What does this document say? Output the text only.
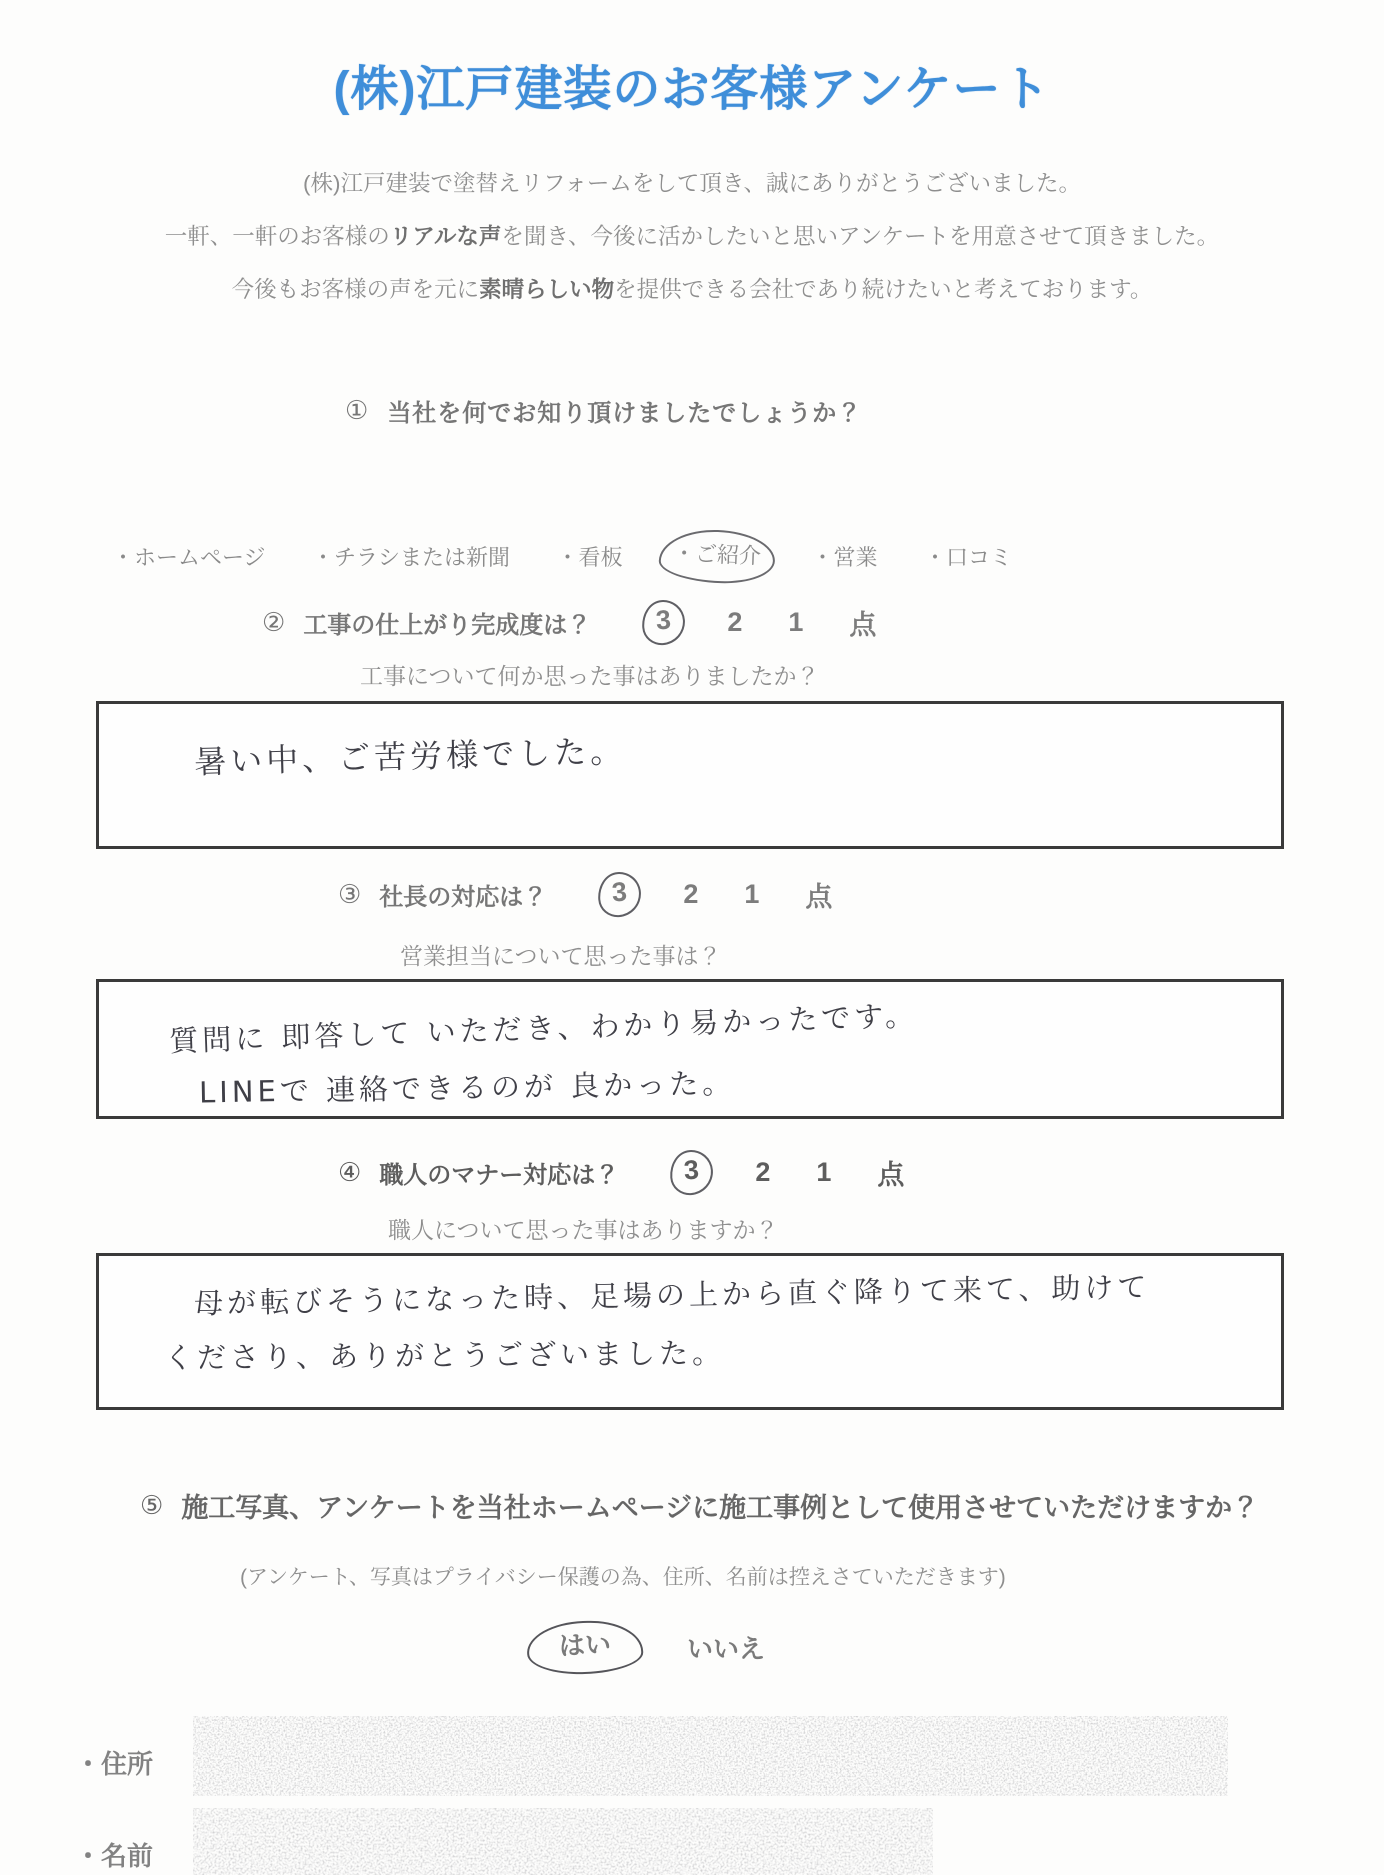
(株)江戸建装のお客様アンケート

(株)江戸建装で塗替えリフォームをして頂き、誠にありがとうございました。

一軒、一軒のお客様のリアルな声を聞き、今後に活かしたいと思いアンケートを用意させて頂きました。

今後もお客様の声を元に素晴らしい物を提供できる会社であり続けたいと考えております。

① 当社を何でお知り頂けましたでしょうか？
・ホームページ ・チラシまたは新聞 ・看板	・ご紹介	・営業 ・口コミ
② 工事の仕上がり完成度は？	3	2 1 点
工事について何か思った事はありましたか？
暑い中、ご苦労様でした。
③ 社長の対応は？	3	2 1 点
営業担当について思った事は？
質問に 即答して いただき、わかり易かったです。
LINEで 連絡できるのが 良かった。
④ 職人のマナー対応は？	3	2 1 点
職人について思った事はありますか？
母が転びそうになった時、足場の上から直ぐ降りて来て、助けて
くださり、ありがとうございました。
⑤ 施工写真、アンケートを当社ホームページに施工事例として使用させていただけますか？
(アンケート、写真はプライバシー保護の為、住所、名前は控えさていただきます)
はい	いいえ
・住所
・名前
